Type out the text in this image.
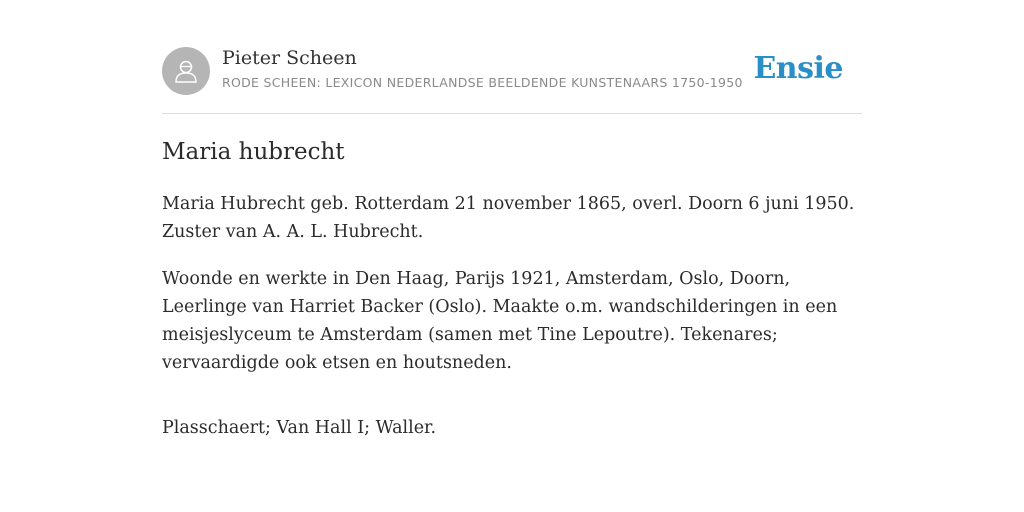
Pieter Scheen
RODE SCHEEN: LEXICON NEDERLANDSE BEELDENDE KUNSTENAARS 1750-1950 Ensie
Maria hubrecht

Maria Hubrecht geb. Rotterdam 21 november 1865, overl. Doorn 6 juni 1950. Zuster van A. A. L. Hubrecht.

Woonde en werkte in Den Haag, Parijs 1921, Amsterdam, Oslo, Doorn, Leerlinge van Harriet Backer (Oslo). Maakte o.m. wandschilderingen in een meisjeslyceum te Amsterdam (samen met Tine Lepoutre). Tekenares; vervaardigde ook etsen en houtsneden.

Plasschaert; Van Hall I; Waller.
